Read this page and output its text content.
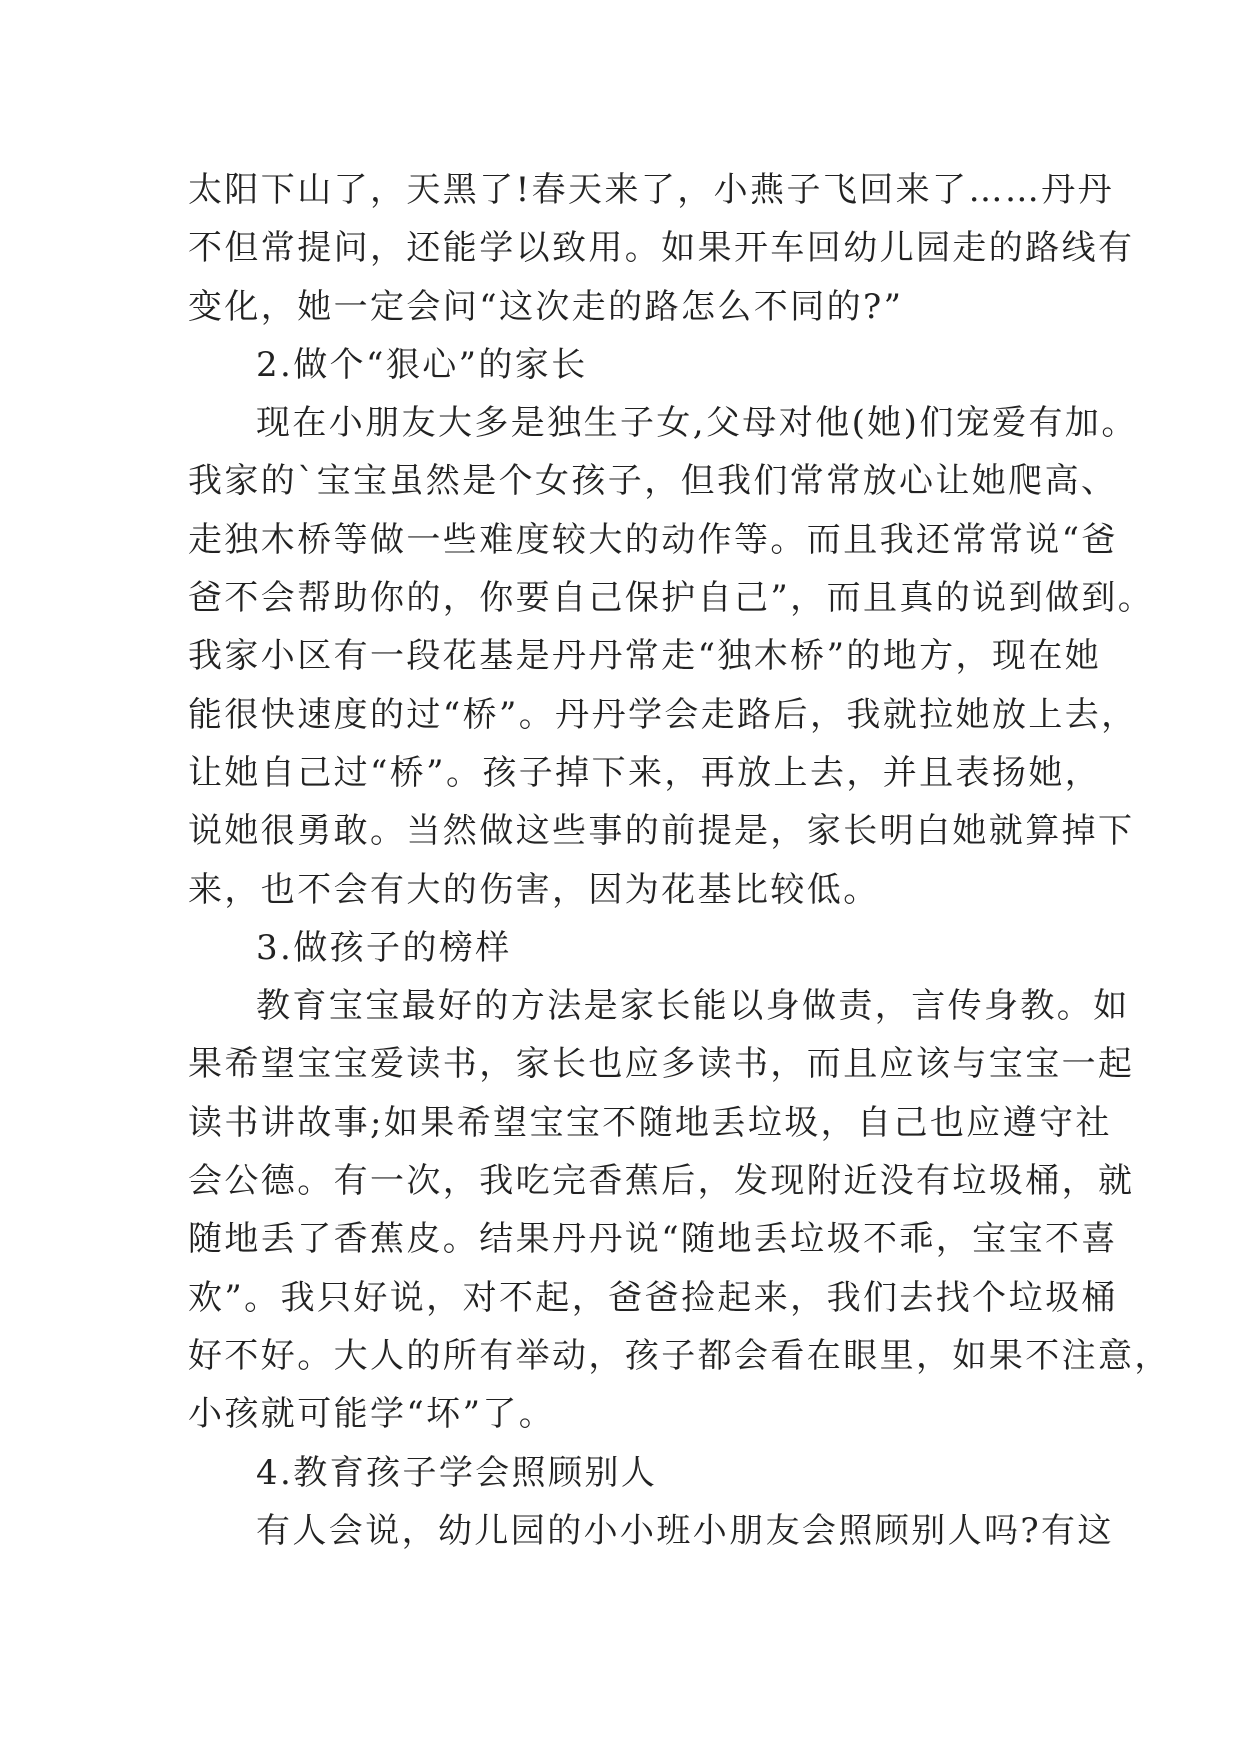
太阳下山了，天黑了!春天来了，小燕子飞回来了……丹丹
不但常提问，还能学以致用。如果开车回幼儿园走的路线有
变化，她一定会问“这次走的路怎么不同的?”
2.做个“狠心”的家长
现在小朋友大多是独生子女,父母对他(她)们宠爱有加。
我家的`宝宝虽然是个女孩子，但我们常常放心让她爬高、
走独木桥等做一些难度较大的动作等。而且我还常常说“爸
爸不会帮助你的，你要自己保护自己”，而且真的说到做到。
我家小区有一段花基是丹丹常走“独木桥”的地方，现在她
能很快速度的过“桥”。丹丹学会走路后，我就拉她放上去，
让她自己过“桥”。孩子掉下来，再放上去，并且表扬她，
说她很勇敢。当然做这些事的前提是，家长明白她就算掉下
来，也不会有大的伤害，因为花基比较低。
3.做孩子的榜样
教育宝宝最好的方法是家长能以身做责，言传身教。如
果希望宝宝爱读书，家长也应多读书，而且应该与宝宝一起
读书讲故事;如果希望宝宝不随地丢垃圾，自己也应遵守社
会公德。有一次，我吃完香蕉后，发现附近没有垃圾桶，就
随地丢了香蕉皮。结果丹丹说“随地丢垃圾不乖，宝宝不喜
欢”。我只好说，对不起，爸爸捡起来，我们去找个垃圾桶
好不好。大人的所有举动，孩子都会看在眼里，如果不注意，
小孩就可能学“坏”了。
4.教育孩子学会照顾别人
有人会说，幼儿园的小小班小朋友会照顾别人吗?有这
